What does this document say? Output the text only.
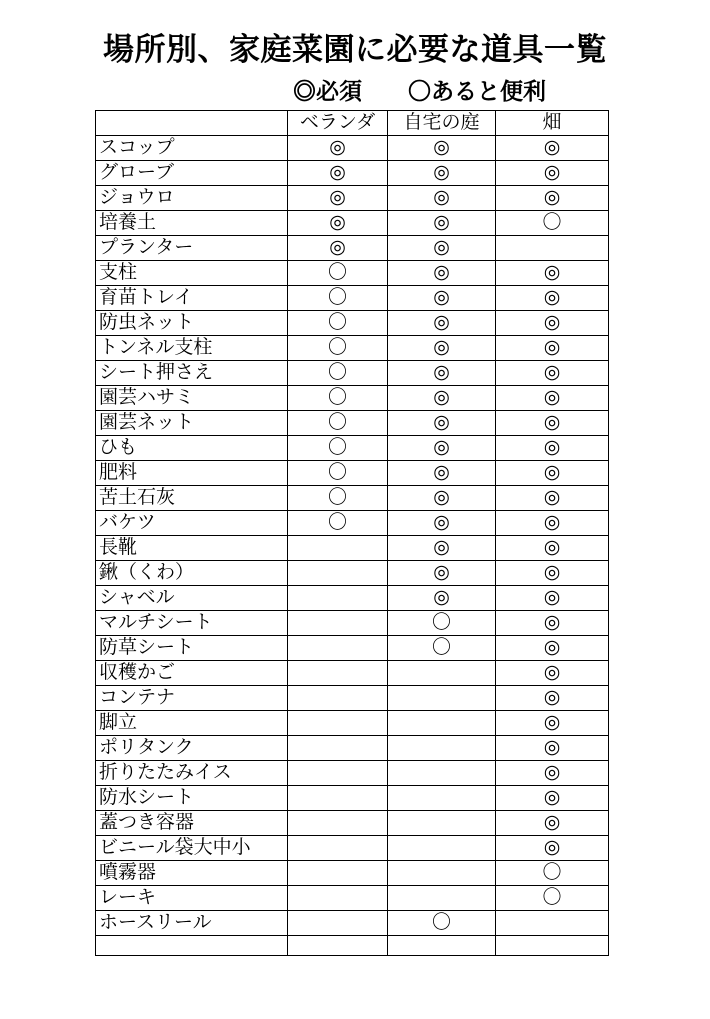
場所別、家庭菜園に必要な道具一覧
◎必須 〇あると便利
	ベランダ	自宅の庭	畑
スコップ	◎	◎	◎
グローブ	◎	◎	◎
ジョウロ	◎	◎	◎
培養土	◎	◎	〇
プランター	◎	◎	
支柱	〇	◎	◎
育苗トレイ	〇	◎	◎
防虫ネット	〇	◎	◎
トンネル支柱	〇	◎	◎
シート押さえ	〇	◎	◎
園芸ハサミ	〇	◎	◎
園芸ネット	〇	◎	◎
ひも	〇	◎	◎
肥料	〇	◎	◎
苦土石灰	〇	◎	◎
バケツ	〇	◎	◎
長靴		◎	◎
鍬（くわ）		◎	◎
シャベル		◎	◎
マルチシート		〇	◎
防草シート		〇	◎
収穫かご			◎
コンテナ			◎
脚立			◎
ポリタンク			◎
折りたたみイス			◎
防水シート			◎
蓋つき容器			◎
ビニール袋大中小			◎
噴霧器			〇
レーキ			〇
ホースリール		〇	
